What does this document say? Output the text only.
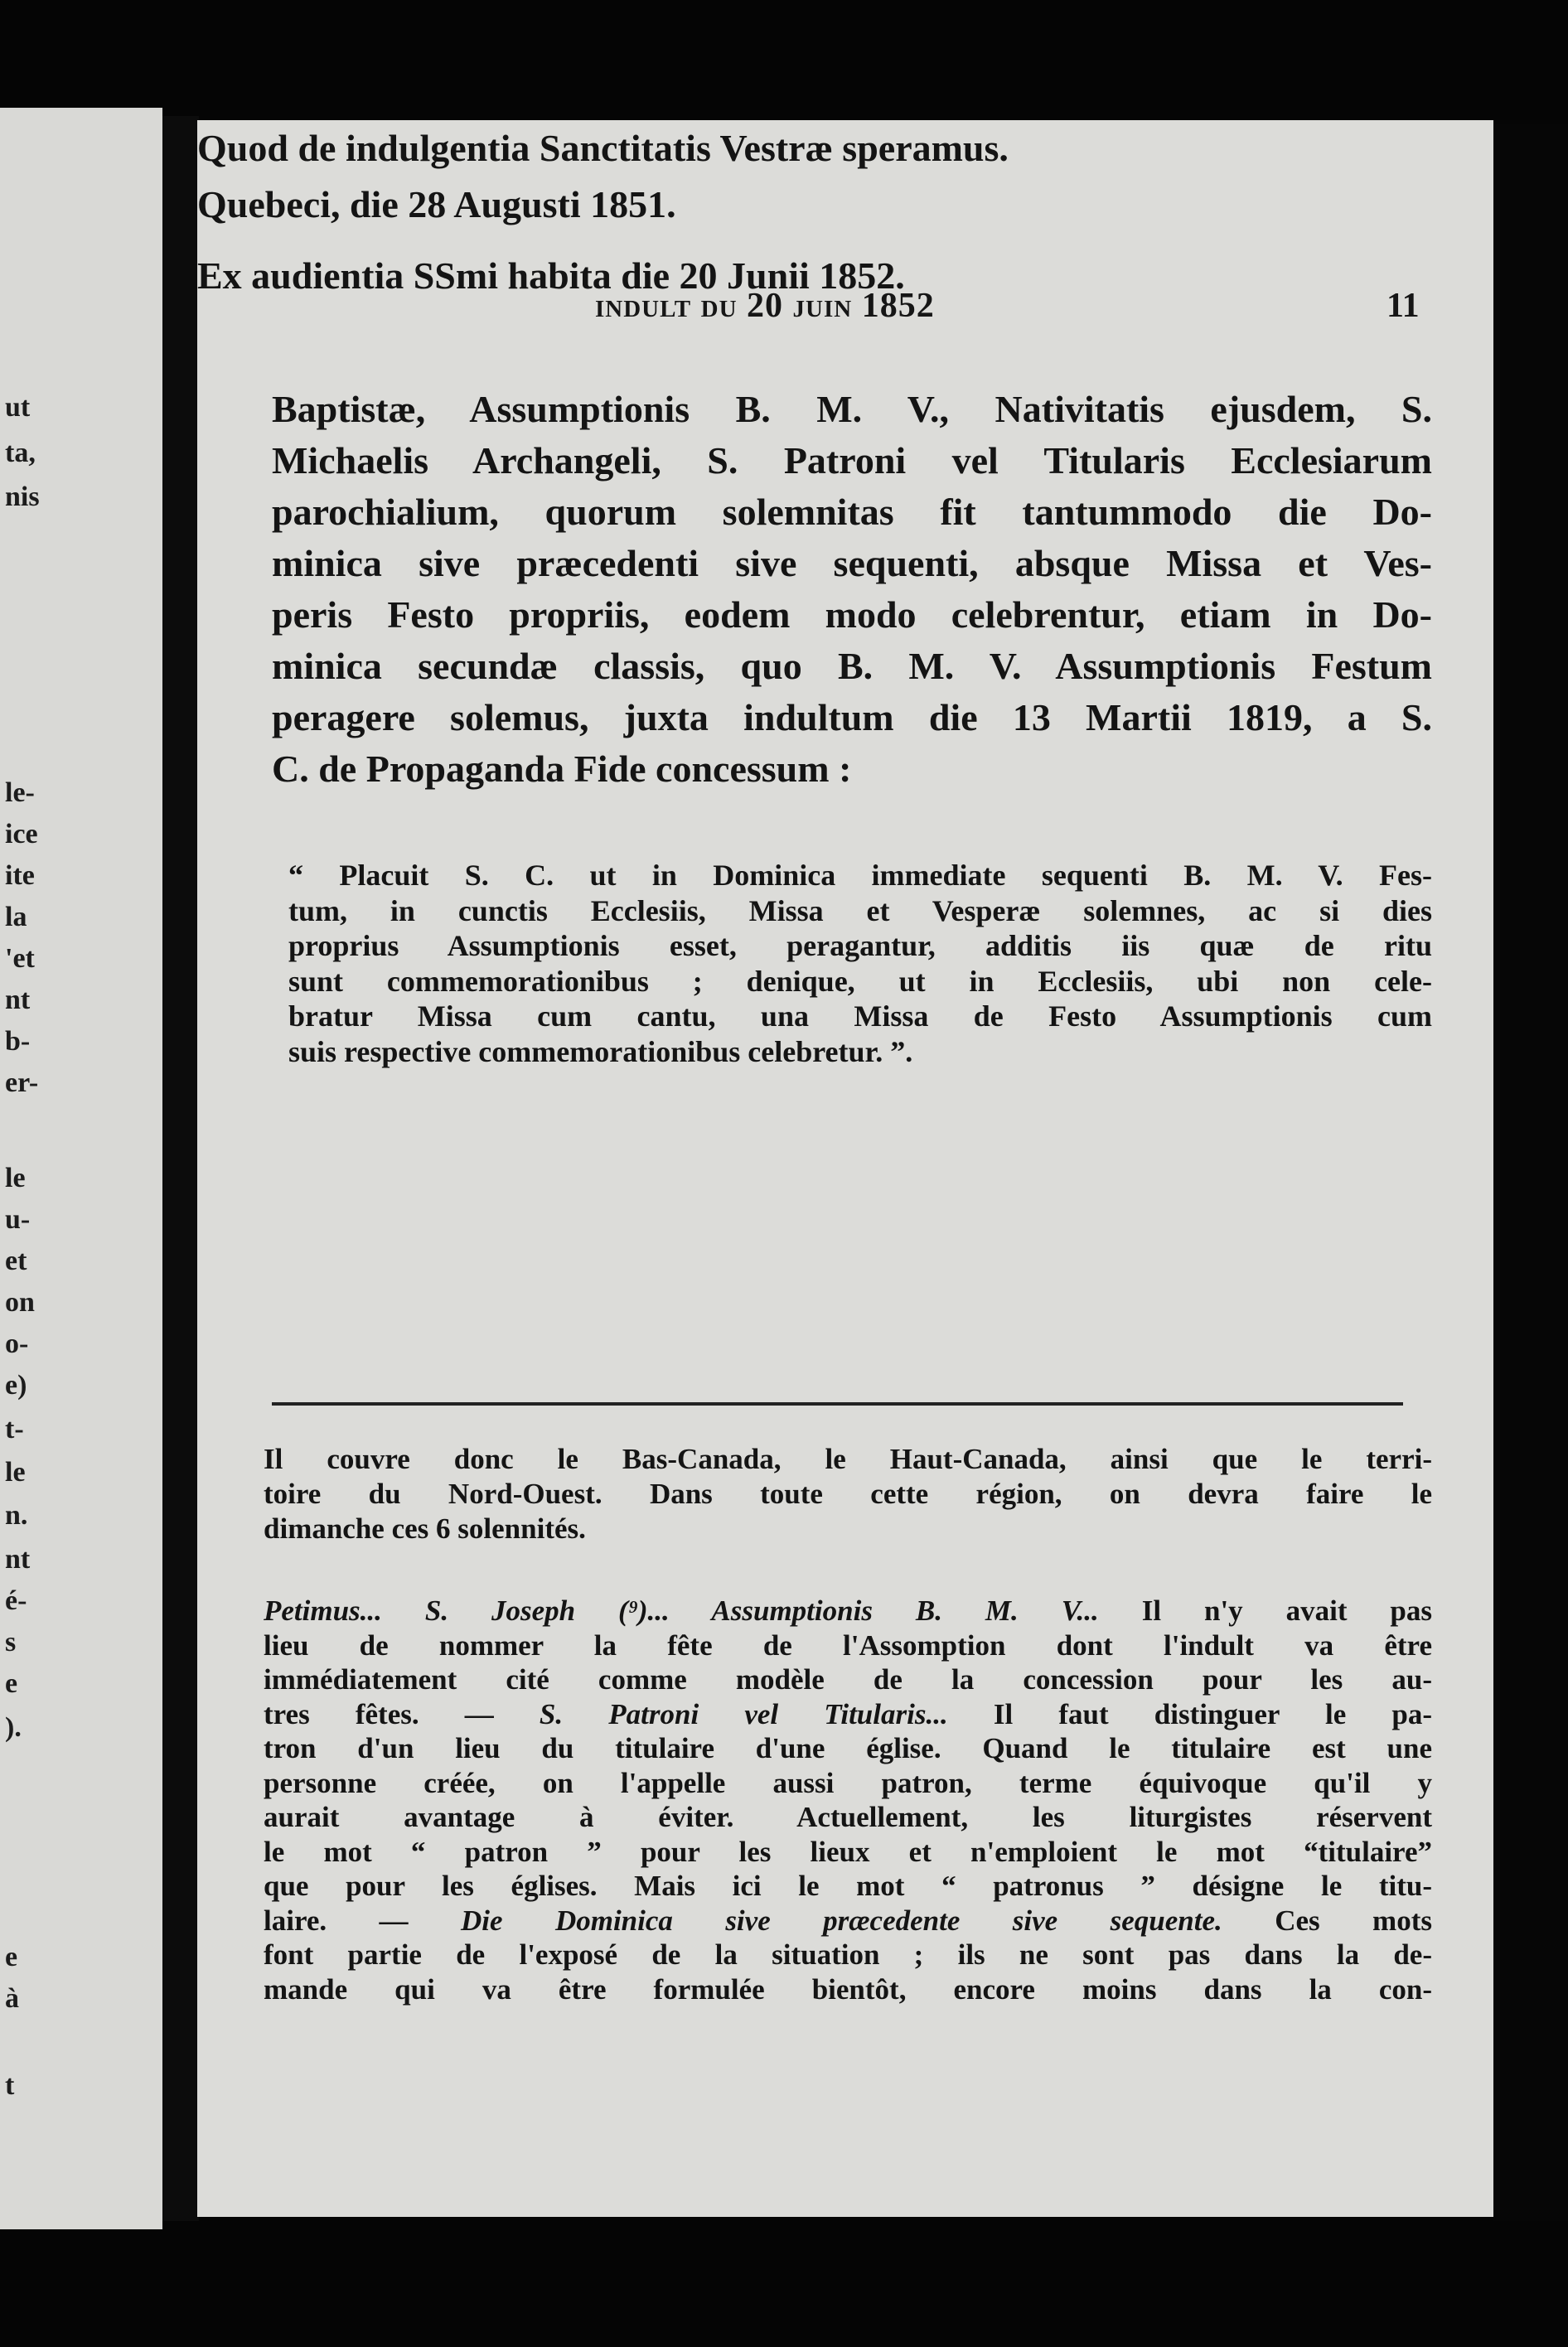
ut
ta,
nis
le-
ice
ite
la
'et
nt
b-
er-
le
u-
et
on
o-
e)
t-
le
n.
nt
é-
s
e
).
e
à
t
indult du 20 juin 1852	11
Baptistæ, Assumptionis B. M. V., Nativitatis ejusdem, S.
Michaelis Archangeli, S. Patroni vel Titularis Ecclesiarum
parochialium, quorum solemnitas fit tantummodo die Do-
minica sive præcedenti sive sequenti, absque Missa et Ves-
peris Festo propriis, eodem modo celebrentur, etiam in Do-
minica secundæ classis, quo B. M. V. Assumptionis Festum
peragere solemus, juxta indultum die 13 Martii 1819, a S.
C. de Propaganda Fide concessum :
“ Placuit S. C. ut in Dominica immediate sequenti B. M. V. Fes-
tum, in cunctis Ecclesiis, Missa et Vesperæ solemnes, ac si dies
proprius Assumptionis esset, peragantur, additis iis quæ de ritu
sunt commemorationibus ; denique, ut in Ecclesiis, ubi non cele-
bratur Missa cum cantu, una Missa de Festo Assumptionis cum
suis respective commemorationibus celebretur. ”.
Quod de indulgentia Sanctitatis Vestræ speramus.
Quebeci, die 28 Augusti 1851.
Ex audientia SSmi habita die 20 Junii 1852.
Il couvre donc le Bas-Canada, le Haut-Canada, ainsi que le terri-
toire du Nord-Ouest. Dans toute cette région, on devra faire le
dimanche ces 6 solennités.
Petimus... S. Joseph (⁹)... Assumptionis B. M. V... Il n'y avait pas
lieu de nommer la fête de l'Assomption dont l'indult va être
immédiatement cité comme modèle de la concession pour les au-
tres fêtes. — S. Patroni vel Titularis... Il faut distinguer le pa-
tron d'un lieu du titulaire d'une église. Quand le titulaire est une
personne créée, on l'appelle aussi patron, terme équivoque qu'il y
aurait avantage à éviter. Actuellement, les liturgistes réservent
le mot “ patron ” pour les lieux et n'emploient le mot “titulaire”
que pour les églises. Mais ici le mot “ patronus ” désigne le titu-
laire. — Die Dominica sive præcedente sive sequente. Ces mots
font partie de l'exposé de la situation ; ils ne sont pas dans la de-
mande qui va être formulée bientôt, encore moins dans la con-
